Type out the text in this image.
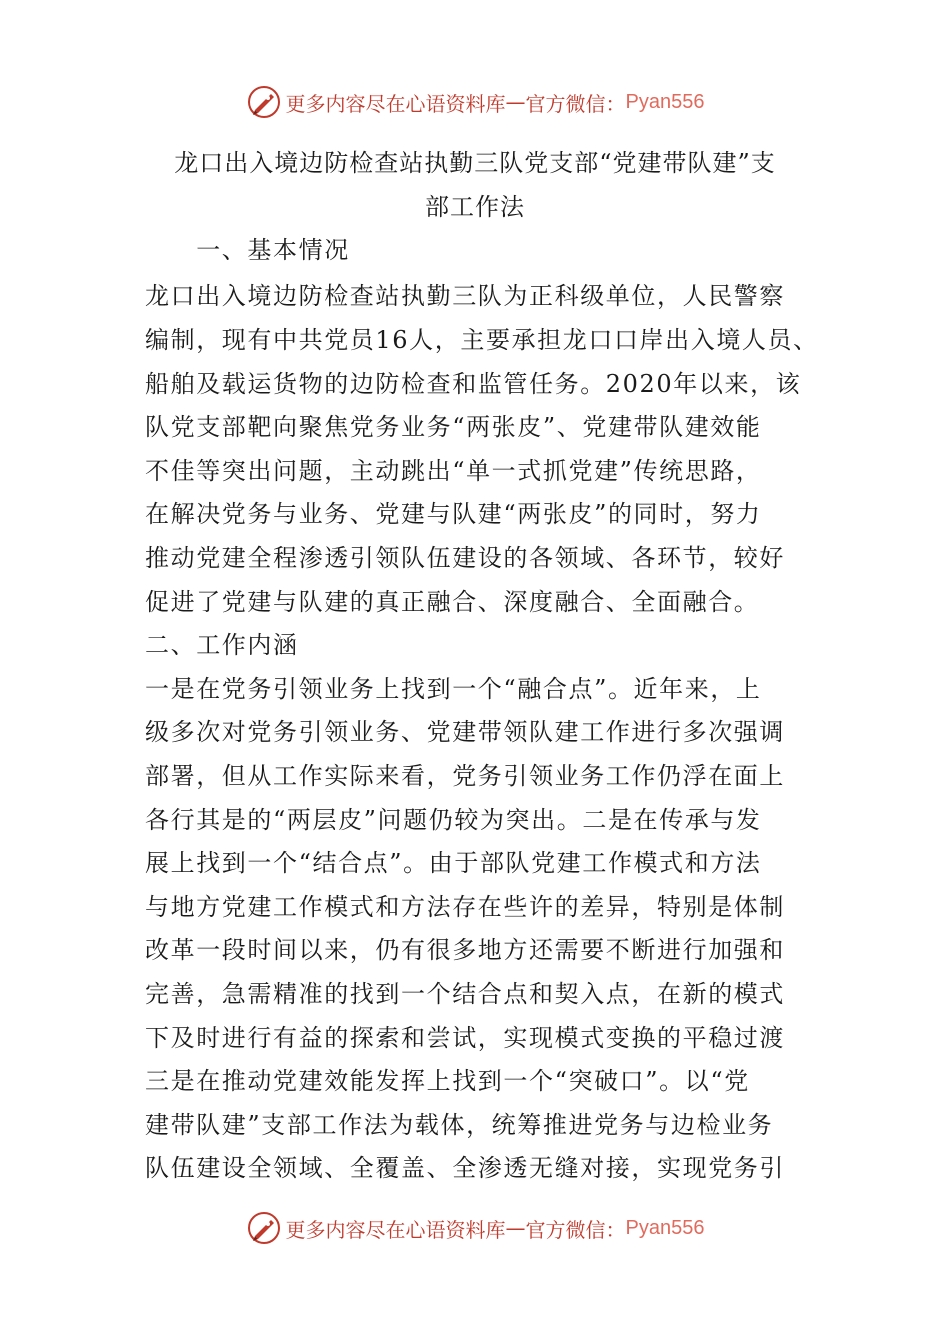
更多内容尽在心语资料库 — 官方微信： Pyan556
龙口出入境边防检查站执勤三队党支部“党建带队建”支
部工作法
　　一、基本情况
龙口出入境边防检查站执勤三队为正科级单位，人民警察
编制，现有中共党员16人，主要承担龙口口岸出入境人员、
船舶及载运货物的边防检查和监管任务。2020年以来，该
队党支部靶向聚焦党务业务“两张皮”、党建带队建效能
不佳等突出问题，主动跳出“单一式抓党建”传统思路，
在解决党务与业务、党建与队建“两张皮”的同时，努力
推动党建全程渗透引领队伍建设的各领域、各环节，较好
促进了党建与队建的真正融合、深度融合、全面融合。
二、工作内涵
一是在党务引领业务上找到一个“融合点”。近年来，上
级多次对党务引领业务、党建带领队建工作进行多次强调
部署，但从工作实际来看，党务引领业务工作仍浮在面上
各行其是的“两层皮”问题仍较为突出。二是在传承与发
展上找到一个“结合点”。由于部队党建工作模式和方法
与地方党建工作模式和方法存在些许的差异，特别是体制
改革一段时间以来，仍有很多地方还需要不断进行加强和
完善，急需精准的找到一个结合点和契入点，在新的模式
下及时进行有益的探索和尝试，实现模式变换的平稳过渡
三是在推动党建效能发挥上找到一个“突破口”。以“党
建带队建”支部工作法为载体，统筹推进党务与边检业务
队伍建设全领域、全覆盖、全渗透无缝对接，实现党务引
更多内容尽在心语资料库 — 官方微信： Pyan556
